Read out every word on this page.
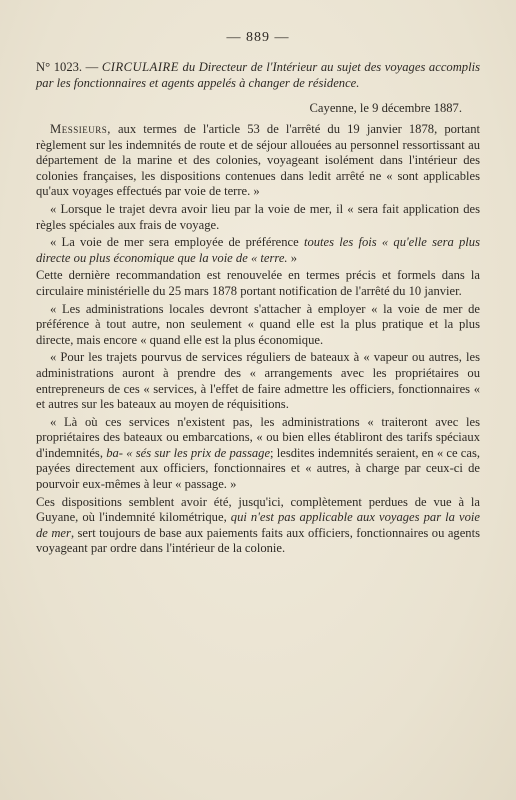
— 889 —
N° 1023. — CIRCULAIRE du Directeur de l'Intérieur au sujet des voyages accomplis par les fonctionnaires et agents appelés à changer de résidence.
Cayenne, le 9 décembre 1887.

Messieurs, aux termes de l'article 53 de l'arrêté du 19 janvier 1878, portant règlement sur les indemnités de route et de séjour allouées au personnel ressortissant au département de la marine et des colonies, voyageant isolément dans l'intérieur des colonies françaises, les dispositions contenues dans ledit arrêté ne « sont applicables qu'aux voyages effectués par voie de terre. »

« Lorsque le trajet devra avoir lieu par la voie de mer, il « sera fait application des règles spéciales aux frais de voyage.

« La voie de mer sera employée de préférence toutes les fois « qu'elle sera plus directe ou plus économique que la voie de « terre. »

Cette dernière recommandation est renouvelée en termes précis et formels dans la circulaire ministérielle du 25 mars 1878 portant notification de l'arrêté du 10 janvier.

« Les administrations locales devront s'attacher à employer « la voie de mer de préférence à tout autre, non seulement « quand elle est la plus pratique et la plus directe, mais encore « quand elle est la plus économique.

« Pour les trajets pourvus de services réguliers de bateaux à « vapeur ou autres, les administrations auront à prendre des « arrangements avec les propriétaires ou entrepreneurs de ces « services, à l'effet de faire admettre les officiers, fonctionnaires « et autres sur les bateaux au moyen de réquisitions.

« Là où ces services n'existent pas, les administrations « traiteront avec les propriétaires des bateaux ou embarcations, « ou bien elles établiront des tarifs spéciaux d'indemnités, ba- « sés sur les prix de passage; lesdites indemnités seraient, en « ce cas, payées directement aux officiers, fonctionnaires et « autres, à charge par ceux-ci de pourvoir eux-mêmes à leur « passage. »

Ces dispositions semblent avoir été, jusqu'ici, complètement perdues de vue à la Guyane, où l'indemnité kilométrique, qui n'est pas applicable aux voyages par la voie de mer, sert toujours de base aux paiements faits aux officiers, fonctionnaires ou agents voyageant par ordre dans l'intérieur de la colonie.
